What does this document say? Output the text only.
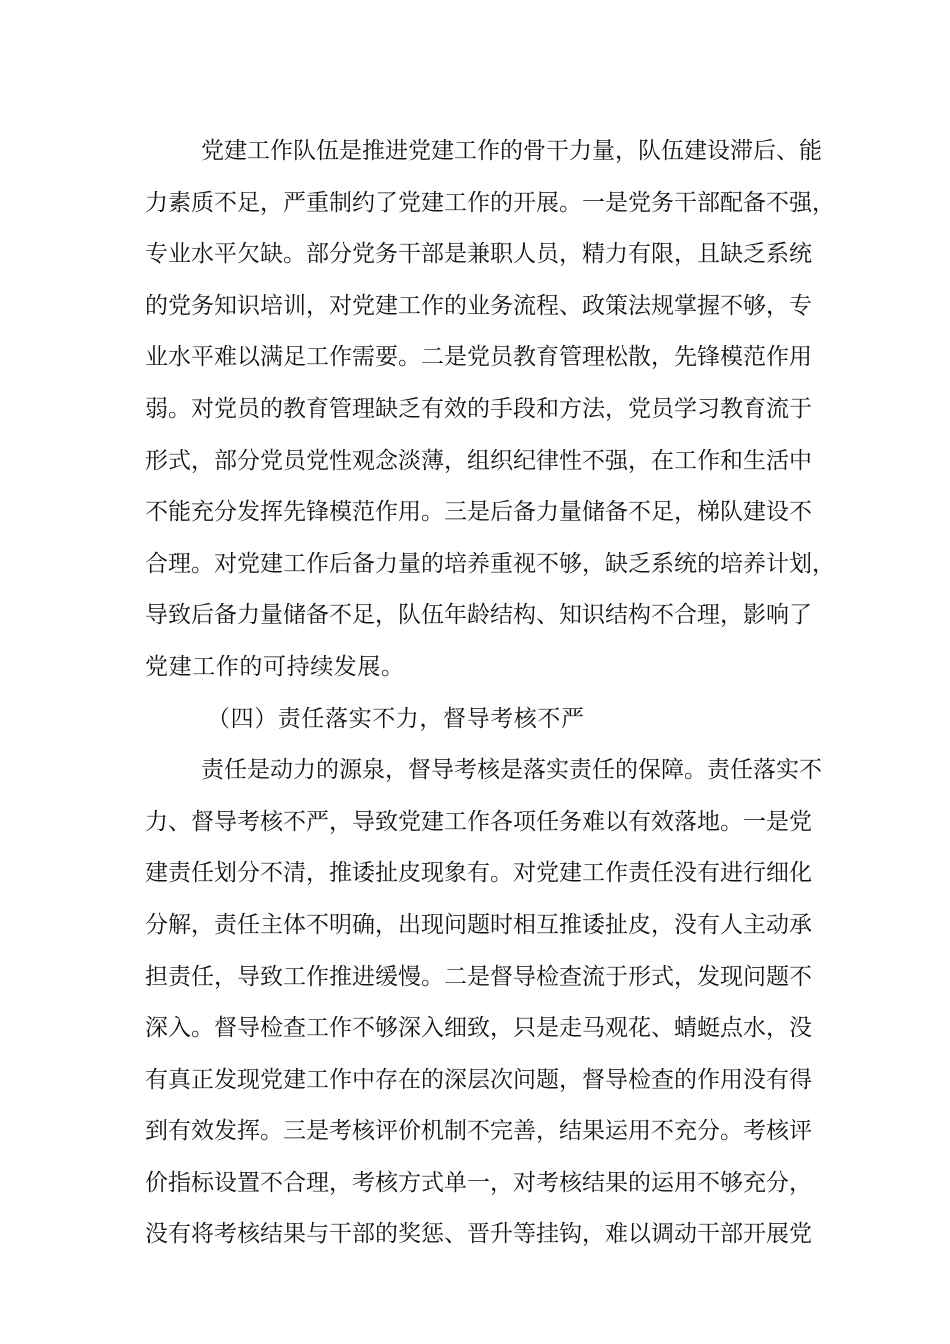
党建工作队伍是推进党建工作的骨干力量，队伍建设滞后、能
力素质不足，严重制约了党建工作的开展。一是党务干部配备不强，
专业水平欠缺。部分党务干部是兼职人员，精力有限，且缺乏系统
的党务知识培训，对党建工作的业务流程、政策法规掌握不够，专
业水平难以满足工作需要。二是党员教育管理松散，先锋模范作用
弱。对党员的教育管理缺乏有效的手段和方法，党员学习教育流于
形式，部分党员党性观念淡薄，组织纪律性不强，在工作和生活中
不能充分发挥先锋模范作用。三是后备力量储备不足，梯队建设不
合理。对党建工作后备力量的培养重视不够，缺乏系统的培养计划，
导致后备力量储备不足，队伍年龄结构、知识结构不合理，影响了
党建工作的可持续发展。
（四）责任落实不力，督导考核不严
责任是动力的源泉，督导考核是落实责任的保障。责任落实不
力、督导考核不严，导致党建工作各项任务难以有效落地。一是党
建责任划分不清，推诿扯皮现象有。对党建工作责任没有进行细化
分解，责任主体不明确，出现问题时相互推诿扯皮，没有人主动承
担责任，导致工作推进缓慢。二是督导检查流于形式，发现问题不
深入。督导检查工作不够深入细致，只是走马观花、蜻蜓点水，没
有真正发现党建工作中存在的深层次问题，督导检查的作用没有得
到有效发挥。三是考核评价机制不完善，结果运用不充分。考核评
价指标设置不合理，考核方式单一，对考核结果的运用不够充分，
没有将考核结果与干部的奖惩、晋升等挂钩，难以调动干部开展党
